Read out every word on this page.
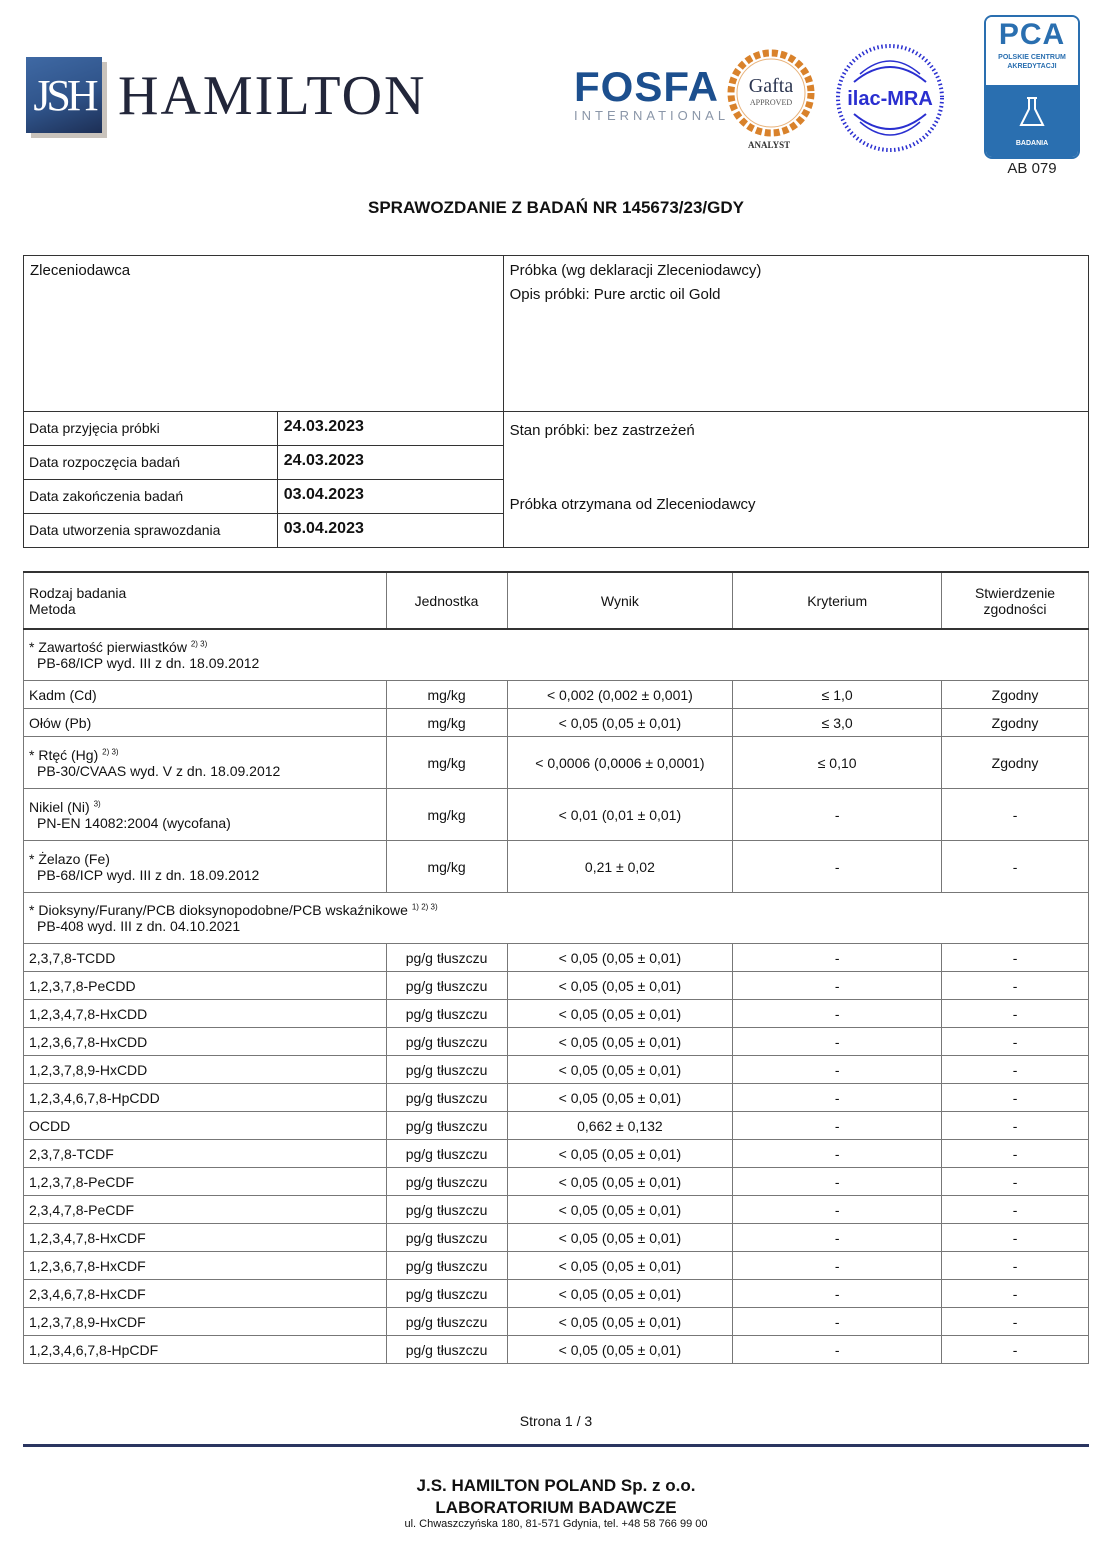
JSH HAMILTON	FOSFA
INTERNATIONAL
Gafta
APPROVED
ANALYST
ilac-MRA
PCA
POLSKIE CENTRUM
AKREDYTACJI
BADANIA
AB 079
SPRAWOZDANIE Z BADAŃ NR 145673/23/GDY
Zleceniodawca		Próbka (wg deklaracji Zleceniodawcy)
Opis próbki: Pure arctic oil Gold

Data przyjęcia próbki	24.03.2023	Stan próbki: bez zastrzeżeń
Próbka otrzymana od Zleceniodawcy

Data rozpoczęcia badań	24.03.2023	
Data zakończenia badań	03.04.2023	
Data utworzenia sprawozdania	03.04.2023	
Rodzaj badania
Metoda	Jednostka	Wynik	Kryterium	Stwierdzenie
zgodności

* Zawartość pierwiastków $^{2) 3)}$
PB-68/ICP wyd. III z dn. 18.09.2012				

Kadm (Cd)	mg/kg	< 0,002 (0,002 ± 0,001)	≤ 1,0	Zgodny
Ołów (Pb)	mg/kg	< 0,05 (0,05 ± 0,01)	≤ 3,0	Zgodny
* Rtęć (Hg) $^{2) 3)}$
PB-30/CVAAS wyd. V z dn. 18.09.2012	mg/kg	< 0,0006 (0,0006 ± 0,0001)	≤ 0,10	Zgodny
Nikiel (Ni) $^{3)}$
PN-EN 14082:2004 (wycofana)	mg/kg	< 0,01 (0,01 ± 0,01)	-	-
* Żelazo (Fe)
PB-68/ICP wyd. III z dn. 18.09.2012	mg/kg	0,21 ± 0,02	-	-
* Dioksyny/Furany/PCB dioksynopodobne/PCB wskaźnikowe $^{1) 2) 3)}$
PB-408 wyd. III z dn. 04.10.2021				

2,3,7,8-TCDD	pg/g tłuszczu	< 0,05 (0,05 ± 0,01)	-	-
1,2,3,7,8-PeCDD	pg/g tłuszczu	< 0,05 (0,05 ± 0,01)	-	-
1,2,3,4,7,8-HxCDD	pg/g tłuszczu	< 0,05 (0,05 ± 0,01)	-	-
1,2,3,6,7,8-HxCDD	pg/g tłuszczu	< 0,05 (0,05 ± 0,01)	-	-
1,2,3,7,8,9-HxCDD	pg/g tłuszczu	< 0,05 (0,05 ± 0,01)	-	-
1,2,3,4,6,7,8-HpCDD	pg/g tłuszczu	< 0,05 (0,05 ± 0,01)	-	-
OCDD	pg/g tłuszczu	0,662 ± 0,132	-	-
2,3,7,8-TCDF	pg/g tłuszczu	< 0,05 (0,05 ± 0,01)	-	-
1,2,3,7,8-PeCDF	pg/g tłuszczu	< 0,05 (0,05 ± 0,01)	-	-
2,3,4,7,8-PeCDF	pg/g tłuszczu	< 0,05 (0,05 ± 0,01)	-	-
1,2,3,4,7,8-HxCDF	pg/g tłuszczu	< 0,05 (0,05 ± 0,01)	-	-
1,2,3,6,7,8-HxCDF	pg/g tłuszczu	< 0,05 (0,05 ± 0,01)	-	-
2,3,4,6,7,8-HxCDF	pg/g tłuszczu	< 0,05 (0,05 ± 0,01)	-	-
1,2,3,7,8,9-HxCDF	pg/g tłuszczu	< 0,05 (0,05 ± 0,01)	-	-
1,2,3,4,6,7,8-HpCDF	pg/g tłuszczu	< 0,05 (0,05 ± 0,01)	-	-
Strona 1 / 3
J.S. HAMILTON POLAND Sp. z o.o.
LABORATORIUM BADAWCZE
ul. Chwaszczyńska 180, 81-571 Gdynia, tel. +48 58 766 99 00
